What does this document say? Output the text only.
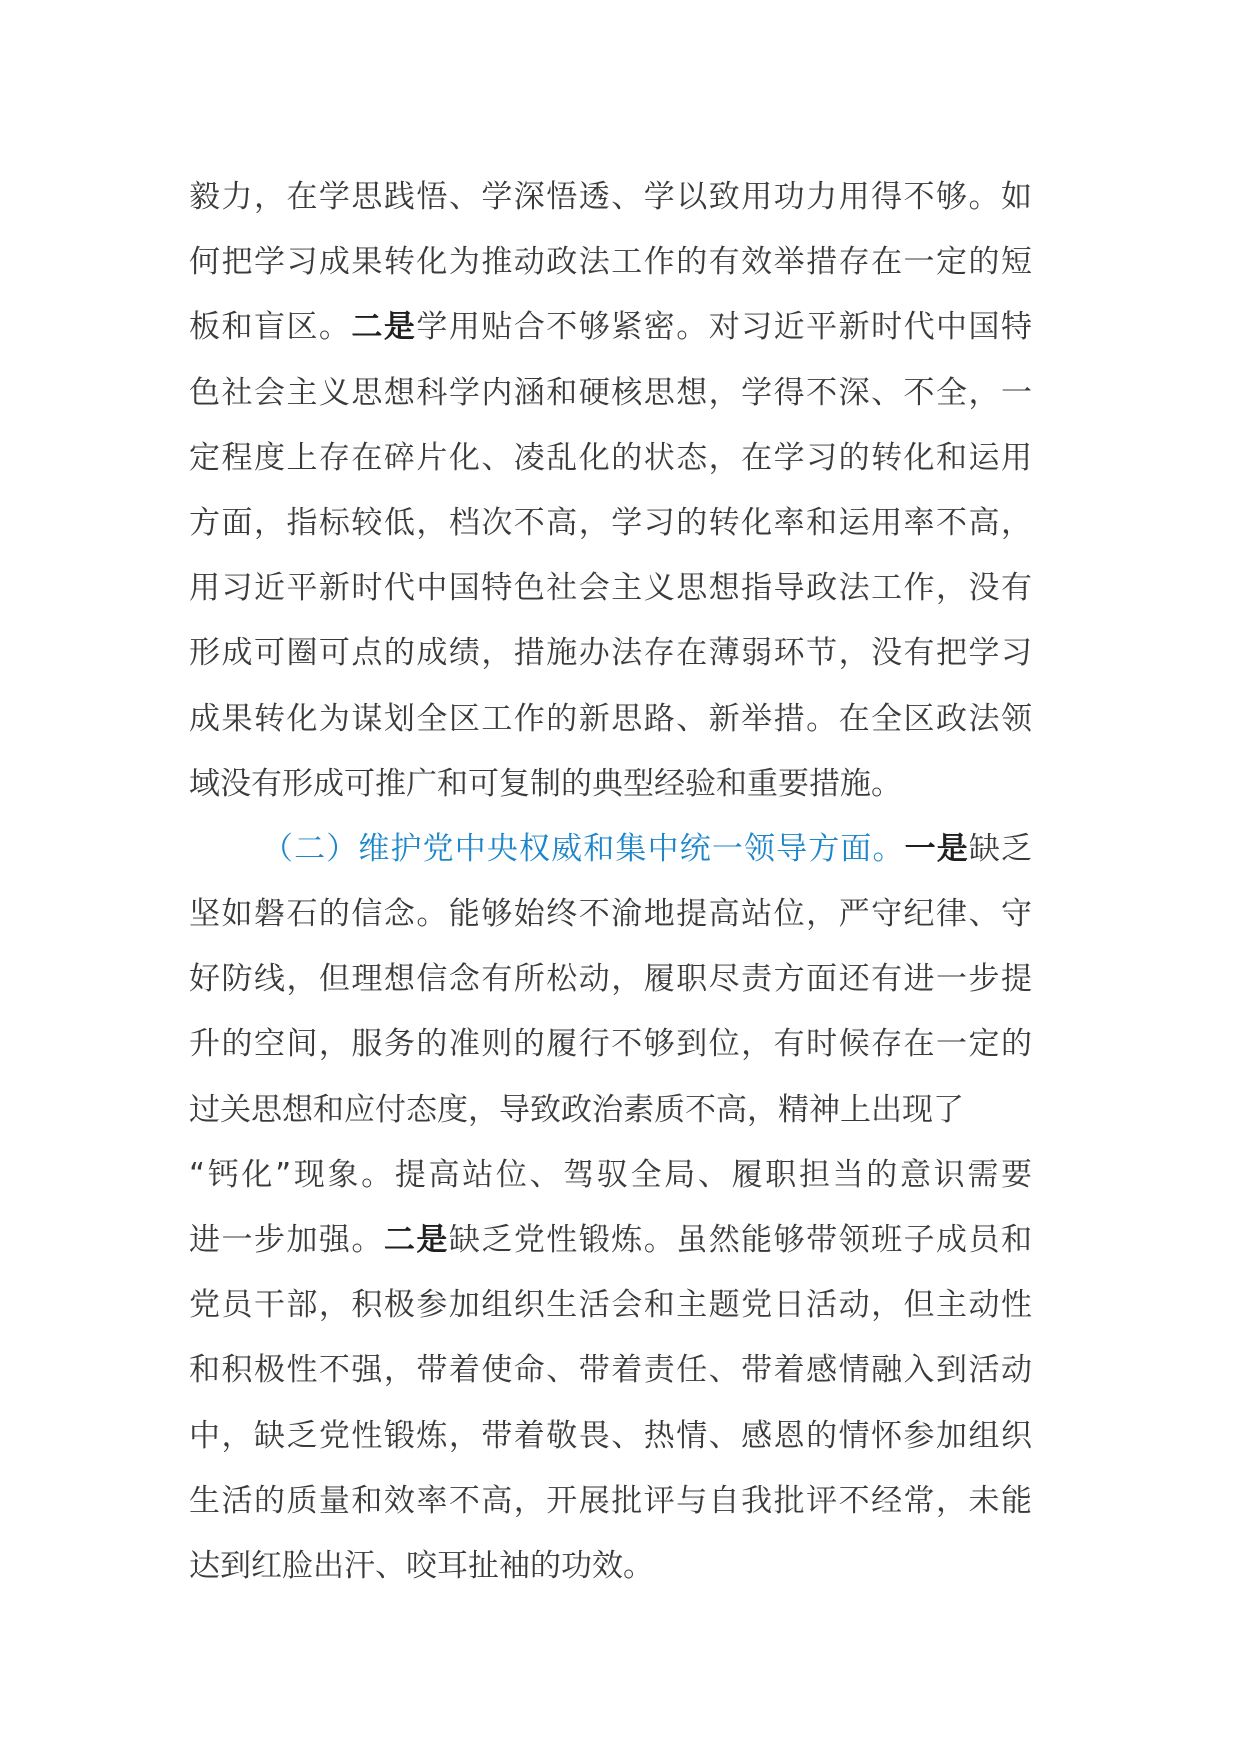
毅力，在学思践悟、学深悟透、学以致用功力用得不够。如
何把学习成果转化为推动政法工作的有效举措存在一定的短
板和盲区。二是学用贴合不够紧密。对习近平新时代中国特
色社会主义思想科学内涵和硬核思想，学得不深、不全，一
定程度上存在碎片化、凌乱化的状态，在学习的转化和运用
方面，指标较低，档次不高，学习的转化率和运用率不高，
用习近平新时代中国特色社会主义思想指导政法工作，没有
形成可圈可点的成绩，措施办法存在薄弱环节，没有把学习
成果转化为谋划全区工作的新思路、新举措。在全区政法领
域没有形成可推广和可复制的典型经验和重要措施。
（二）维护党中央权威和集中统一领导方面。一是缺乏
坚如磐石的信念。能够始终不渝地提高站位，严守纪律、守
好防线，但理想信念有所松动，履职尽责方面还有进一步提
升的空间，服务的准则的履行不够到位，有时候存在一定的
过关思想和应付态度，导致政治素质不高，精神上出现了
“钙化”现象。提高站位、驾驭全局、履职担当的意识需要
进一步加强。二是缺乏党性锻炼。虽然能够带领班子成员和
党员干部，积极参加组织生活会和主题党日活动，但主动性
和积极性不强，带着使命、带着责任、带着感情融入到活动
中，缺乏党性锻炼，带着敬畏、热情、感恩的情怀参加组织
生活的质量和效率不高，开展批评与自我批评不经常，未能
达到红脸出汗、咬耳扯袖的功效。
